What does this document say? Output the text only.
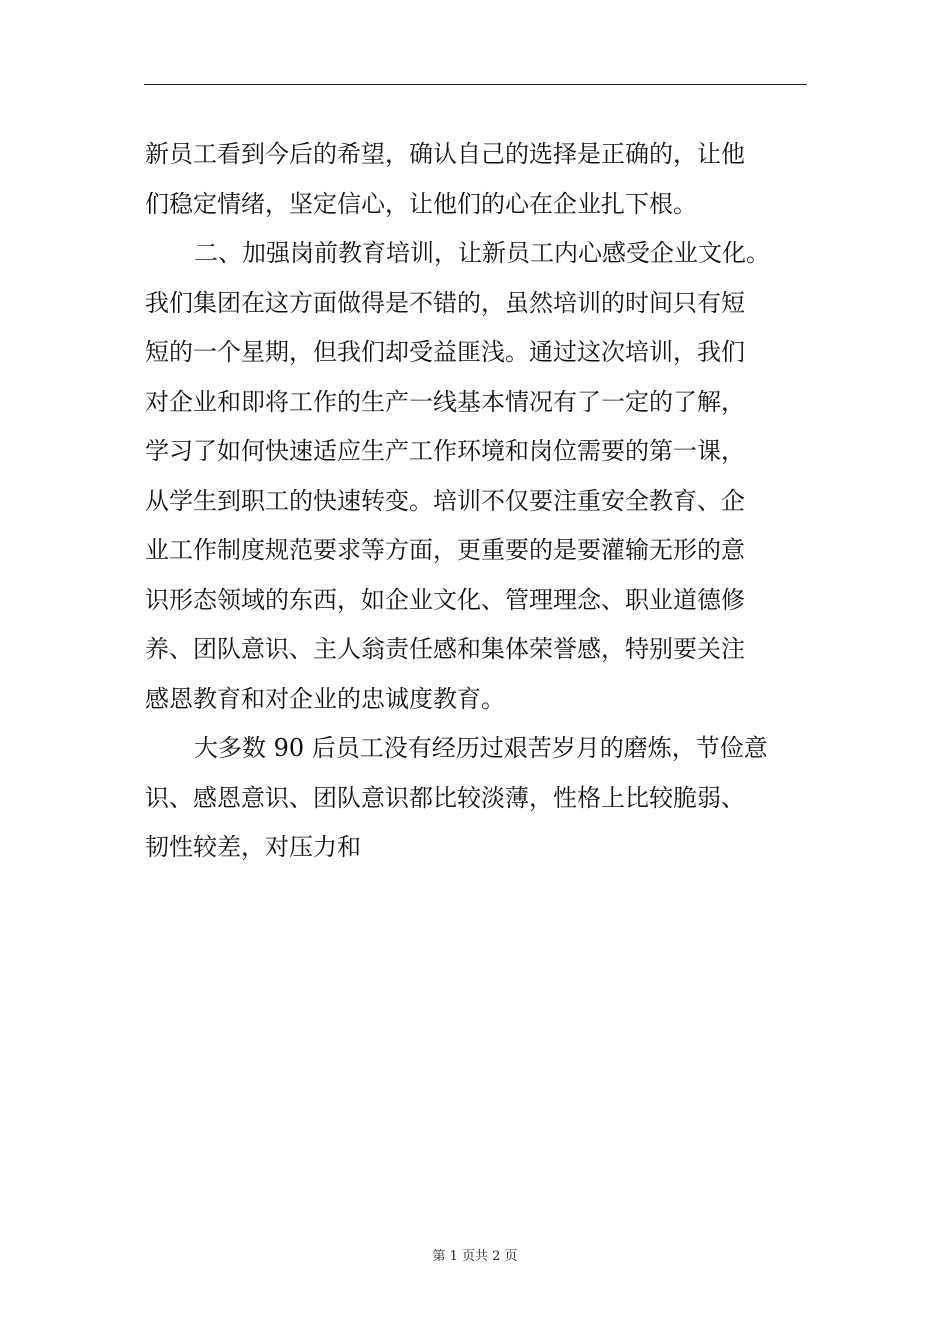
新员工看到今后的希望，确认自己的选择是正确的，让他
们稳定情绪，坚定信心，让他们的心在企业扎下根。
二、加强岗前教育培训，让新员工内心感受企业文化。
我们集团在这方面做得是不错的，虽然培训的时间只有短
短的一个星期，但我们却受益匪浅。通过这次培训，我们
对企业和即将工作的生产一线基本情况有了一定的了解，
学习了如何快速适应生产工作环境和岗位需要的第一课，
从学生到职工的快速转变。培训不仅要注重安全教育、企
业工作制度规范要求等方面，更重要的是要灌输无形的意
识形态领域的东西，如企业文化、管理理念、职业道德修
养、团队意识、主人翁责任感和集体荣誉感，特别要关注
感恩教育和对企业的忠诚度教育。
大多数 90 后员工没有经历过艰苦岁月的磨炼，节俭意
识、感恩意识、团队意识都比较淡薄，性格上比较脆弱、
韧性较差，对压力和
第 1 页共 2 页
